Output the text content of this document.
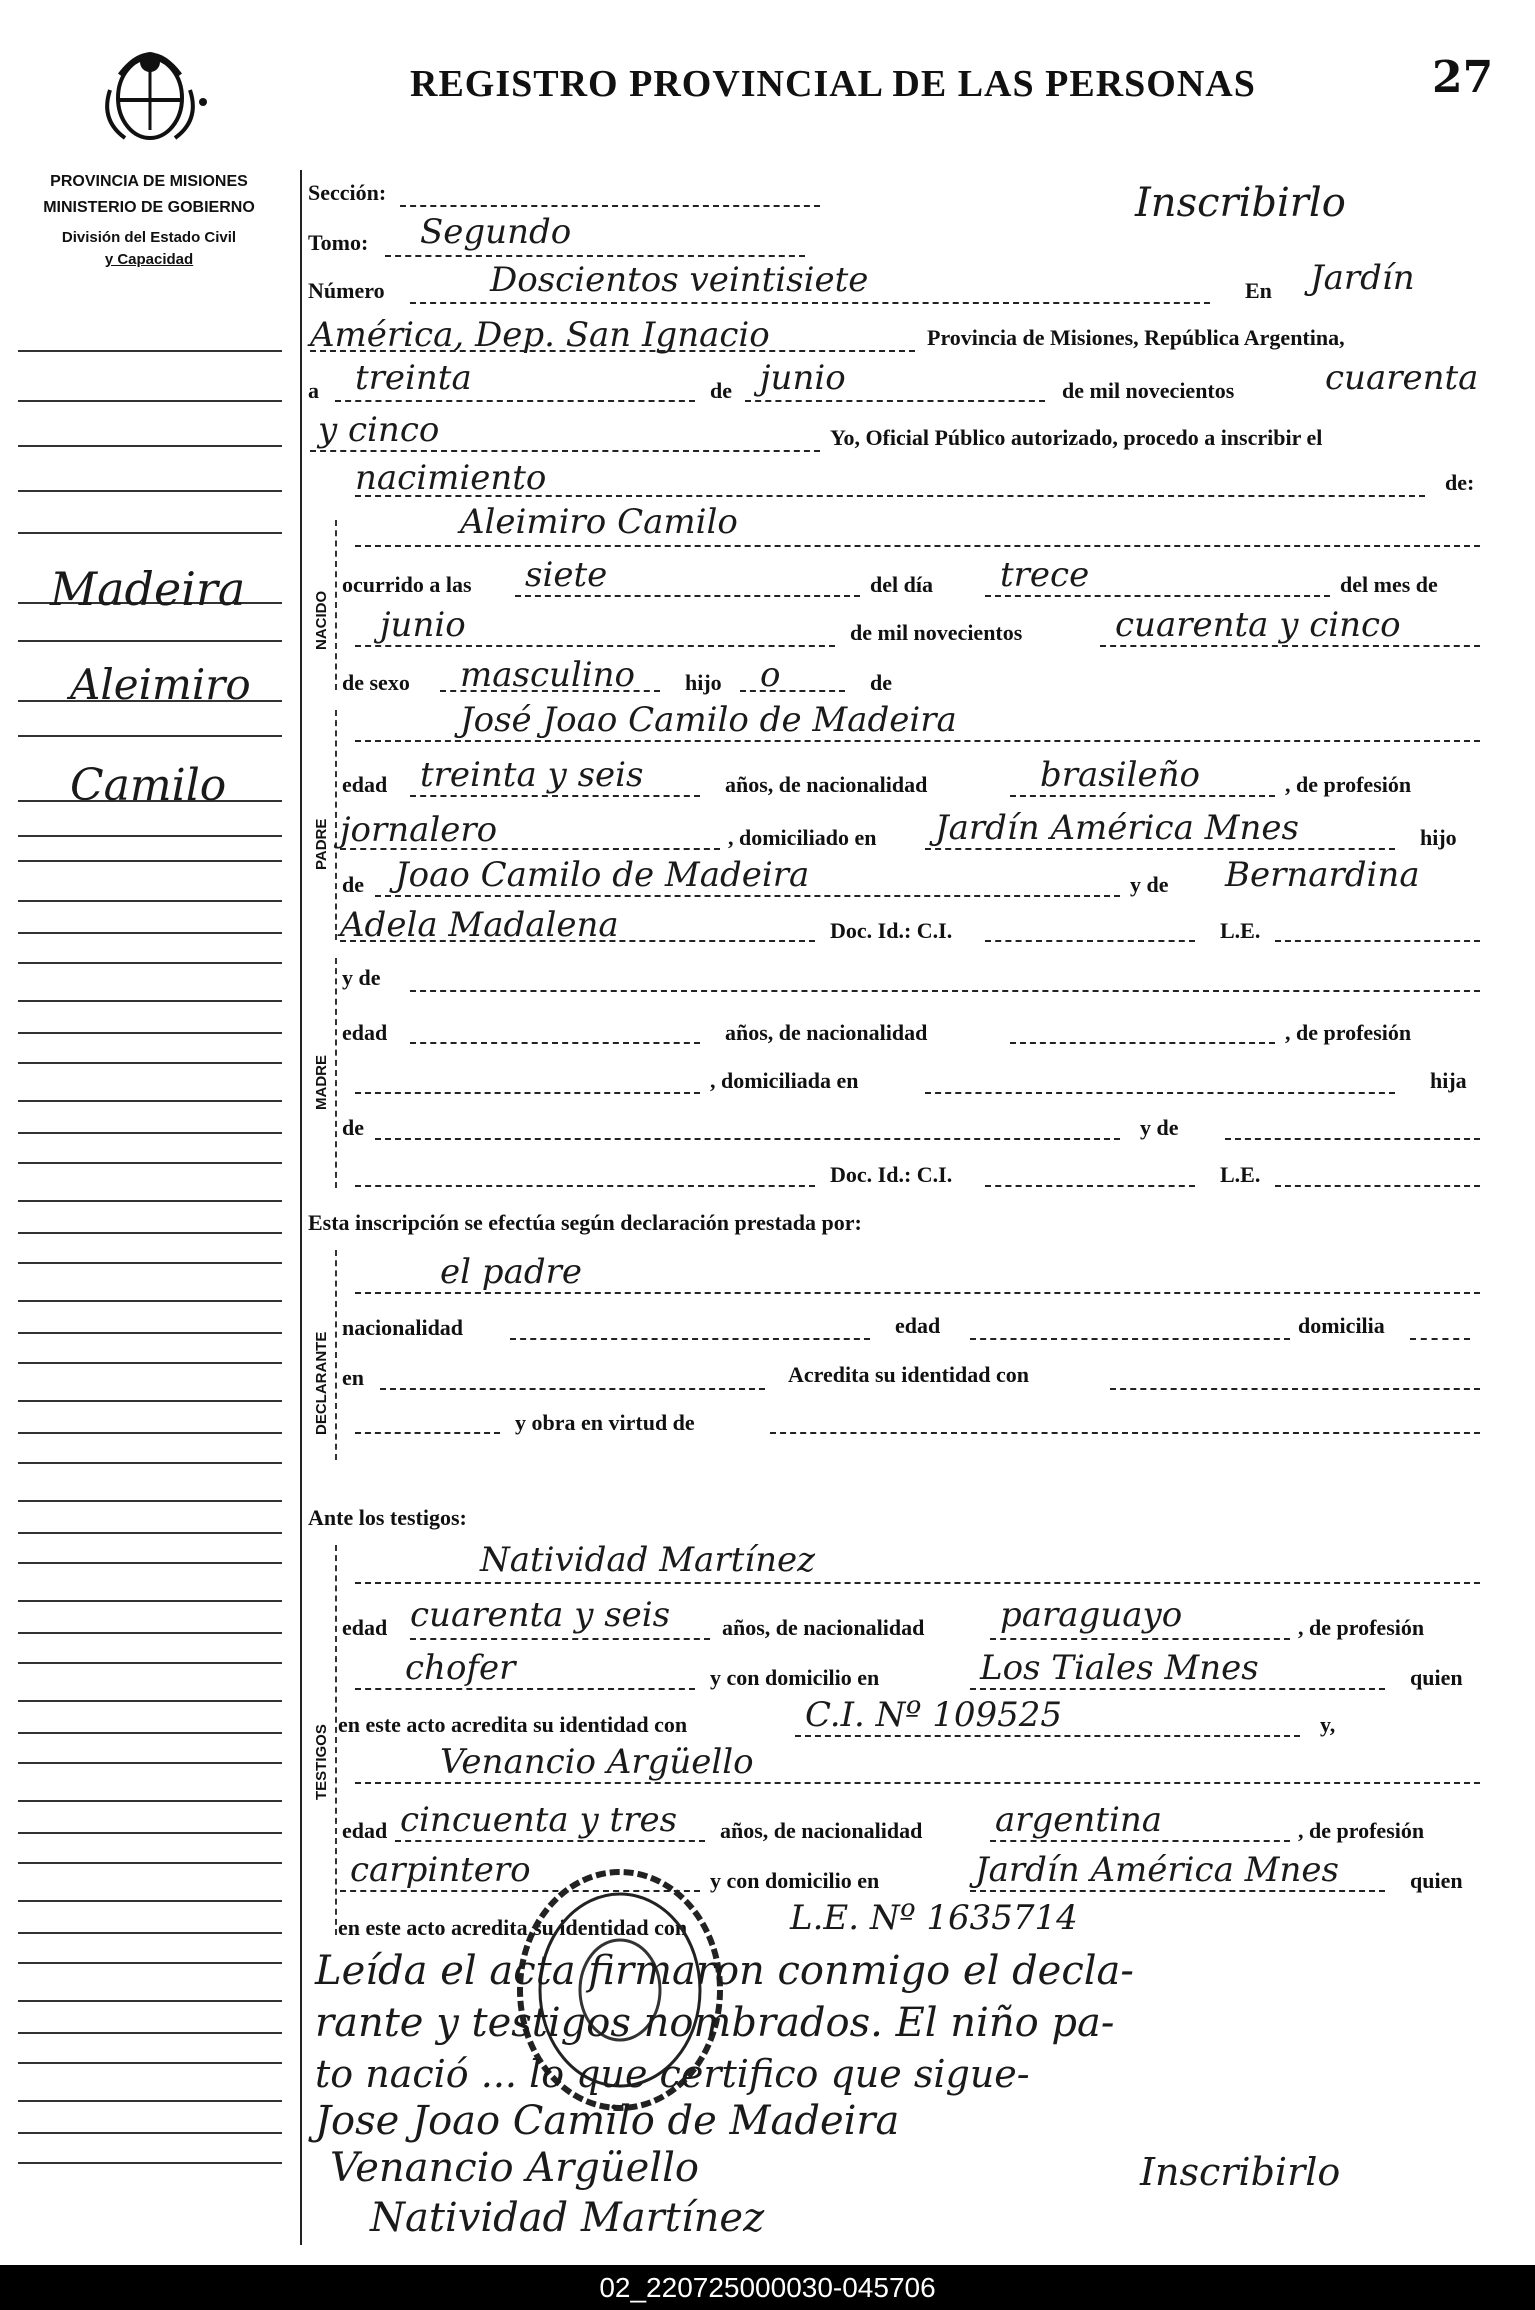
REGISTRO PROVINCIAL DE LAS PERSONAS	27
PROVINCIA DE MISIONES
MINISTERIO DE GOBIERNO
División del Estado Civil
y Capacidad
Madeira
Aleimiro
Camilo
NACIDO
PADRE
MADRE
DECLARANTE
TESTIGOS
Sección:	Inscribirlo
Tomo: Segundo
Número	Doscientos veintisiete	En Jardín
América, Dep. San Ignacio	Provincia de Misiones, República Argentina,
a treinta	de junio	de mil novecientos	cuarenta
y cinco	Yo, Oficial Público autorizado, procedo a inscribir el
nacimiento	de:
Aleimiro Camilo
ocurrido a las siete	del día trece	del mes de
junio	de mil novecientos	cuarenta y cinco
de sexo masculino hijo o	de
José Joao Camilo de Madeira
edad treinta y seis	años, de nacionalidad	brasileño	, de profesión
jornalero	, domiciliado en Jardín América Mnes	hijo
de Joao Camilo de Madeira	y de Bernardina
Adela Madalena	Doc. Id.: C.I.	L.E.
y de
edad	años, de nacionalidad	, de profesión
, domiciliada en	hija
de	y de
Doc. Id.: C.I.	L.E.
Esta inscripción se efectúa según declaración prestada por:
el padre
nacionalidad	edad	domicilia
en	Acredita su identidad con
y obra en virtud de
Ante los testigos:
Natividad Martínez
edad cuarenta y seis años, de nacionalidad paraguayo	, de profesión
chofer	y con domicilio en	Los Tiales Mnes	quien
en este acto acredita su identidad con	C.I. Nº 109525	y,
Venancio Argüello
edad cincuenta y tres años, de nacionalidad argentina	, de profesión
carpintero	y con domicilio en	Jardín América Mnes	quien
en este acto acredita su identidad con	L.E. Nº 1635714
Leída el acta firmaron conmigo el decla-
rante y testigos nombrados. El niño pa-
to nació ... lo que certifico que sigue-
Jose Joao Camilo de Madeira
Venancio Argüello
Natividad Martínez
Inscribirlo
02_220725000030-045706
